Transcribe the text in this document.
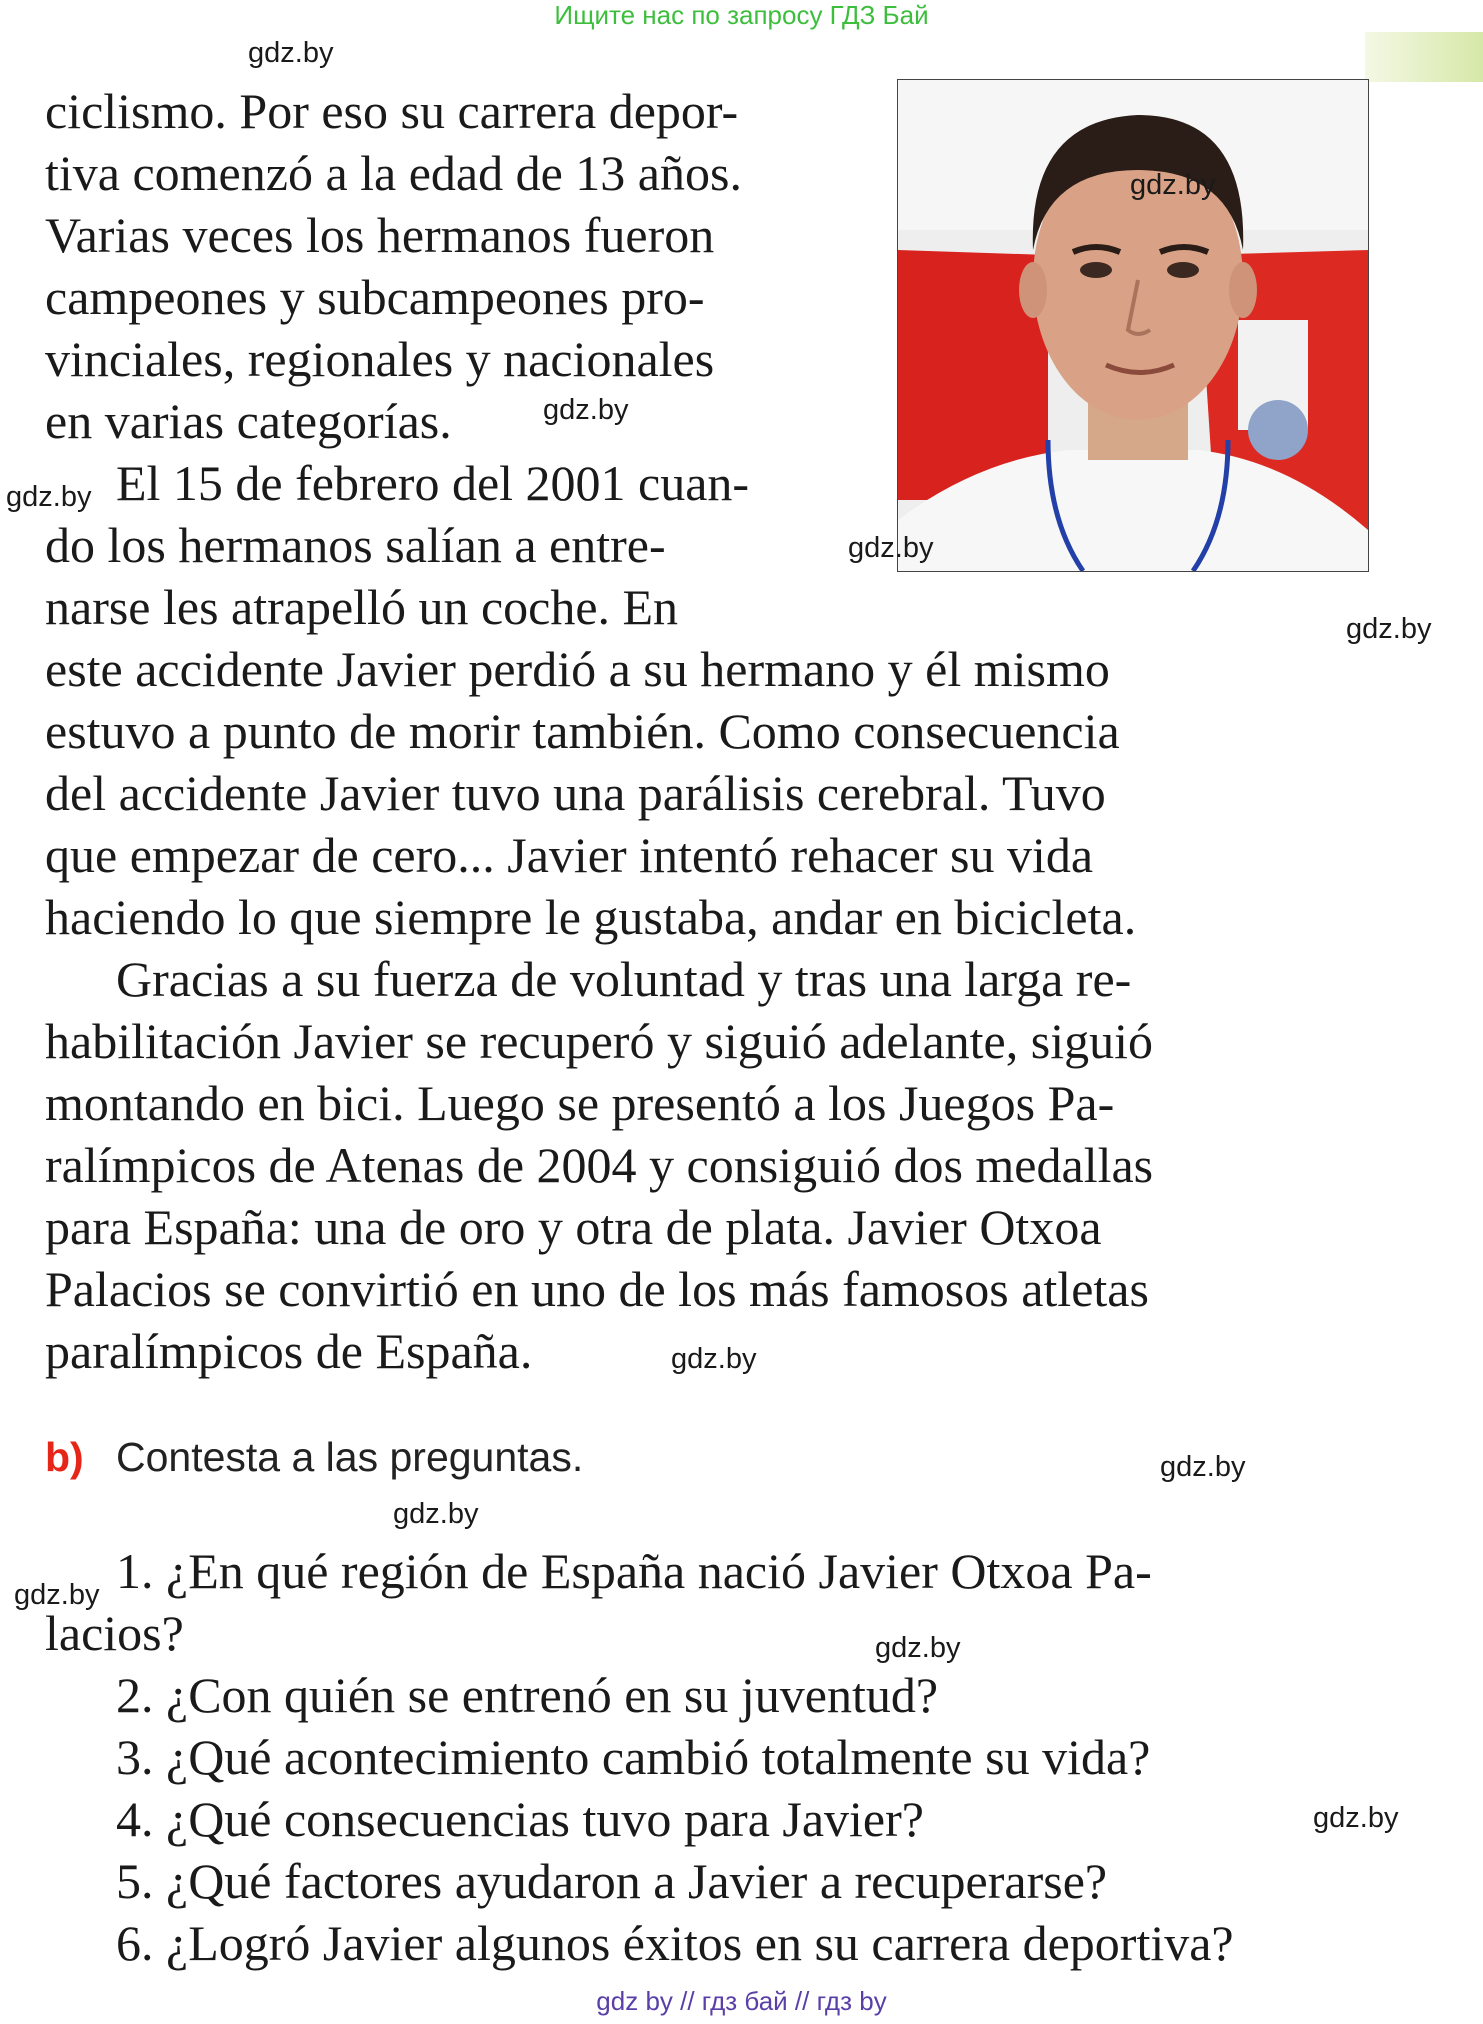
Ищите нас по запросу ГДЗ Бай
ciclismo. Por eso su carrera depor-
tiva comenzó a la edad de 13 años.
Varias veces los hermanos fueron
campeones y subcampeones pro-
vinciales, regionales y nacionales
en varias categorías.
El 15 de febrero del 2001 cuan-
do los hermanos salían a entre-
narse les atrapelló un coche. En
este accidente Javier perdió a su hermano y él mismo
estuvo a punto de morir también. Como consecuencia
del accidente Javier tuvo una parálisis cerebral. Tuvo
que empezar de cero... Javier intentó rehacer su vida
haciendo lo que siempre le gustaba, andar en bicicleta.
Gracias a su fuerza de voluntad y tras una larga re-
habilitación Javier se recuperó y siguió adelante, siguió
montando en bici. Luego se presentó a los Juegos Pa-
ralímpicos de Atenas de 2004 y consiguió dos medallas
para España: una de oro y otra de plata. Javier Otxoa
Palacios se convirtió en uno de los más famosos atletas
paralímpicos de España.
b) Contesta a las preguntas.
1. ¿En qué región de España nació Javier Otxoa Pa-
lacios?
2. ¿Con quién se entrenó en su juventud?
3. ¿Qué acontecimiento cambió totalmente su vida?
4. ¿Qué consecuencias tuvo para Javier?
5. ¿Qué factores ayudaron a Javier a recuperarse?
6. ¿Logró Javier algunos éxitos en su carrera deportiva?
gdz.by
gdz.by
gdz.by
gdz.by
gdz.by
gdz.by
gdz.by
gdz.by
gdz.by
gdz.by
gdz.by
gdz.by
gdz by // гдз бай // гдз by
